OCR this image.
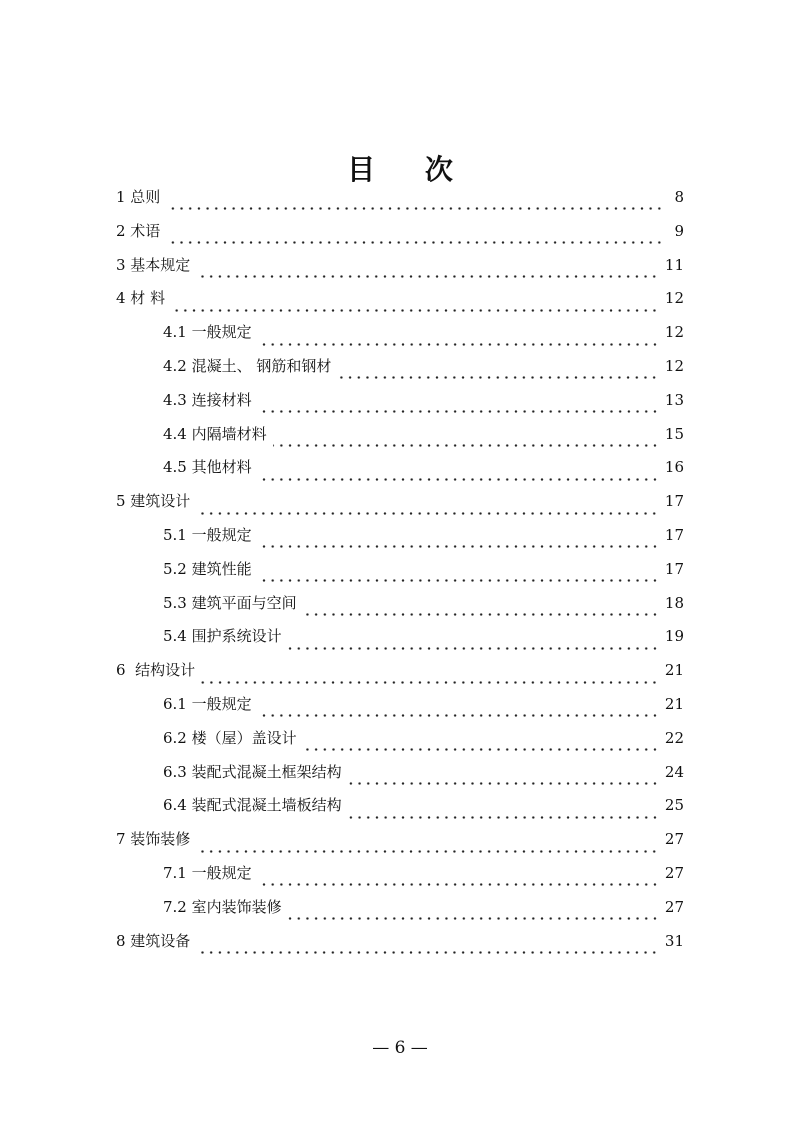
目 次
1 总则	8
2 术语	9
3 基本规定	11
4 材 料	12
4.1 一般规定	12
4.2 混凝土、 钢筋和钢材	12
4.3 连接材料	13
4.4 内隔墙材料	15
4.5 其他材料	16
5 建筑设计	17
5.1 一般规定	17
5.2 建筑性能	17
5.3 建筑平面与空间	18
5.4 围护系统设计	19
6  结构设计	21
6.1 一般规定	21
6.2 楼（屋）盖设计	22
6.3 装配式混凝土框架结构	24
6.4 装配式混凝土墙板结构	25
7 装饰装修	27
7.1 一般规定	27
7.2 室内装饰装修	27
8 建筑设备	31
— 6 —
